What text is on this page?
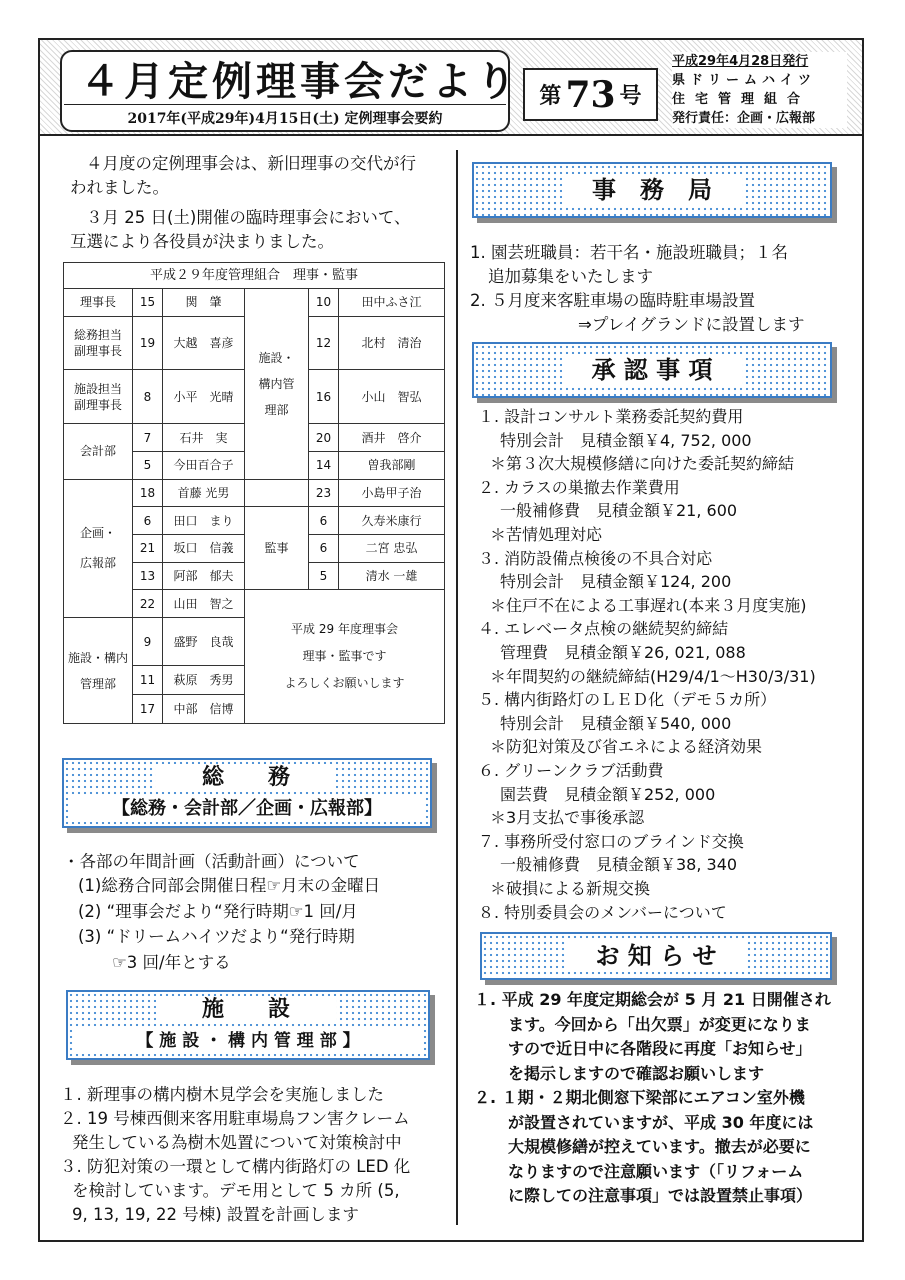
４月定例理事会だより
2017年(平成29年)4月15日(土) 定例理事会要約
第 73 号
平成29年4月28日発行
県ドリームハイツ
住宅管理組合
発行責任：企画・広報部
４月度の定例理事会は、新旧理事の交代が行
われました。
３月 25 日(土)開催の臨時理事会において、
互選により各役員が決まりました。
平成２９年度管理組合　理事・監事					
理事長	15	関　肇	施設・構内管理部	10	田中ふさ江

総務担当副理事長	19	大越　喜彦		12	北村　清治

施設担当副理事長	8	小平　光晴		16	小山　智弘
会計部	7	石井　実		20	酒井　啓介
	5	今田百合子		14	曽我部剛

企画・広報部	18	首藤 光男		23	小島甲子治
	6	田口　まり	監事	6	久寿米康行
	21	坂口　信義		6	二宮 忠弘
	13	阿部　郁夫		5	清水 一雄
	22	山田　智之	平成 29 年度理事会
理事・監事です
よろしくお願いします		

施設・構内管理部	9	盛野　良哉			
	11	萩原　秀男			
	17	中部　信博			
総　　務
【総務・会計部／企画・広報部】
・各部の年間計画（活動計画）について
(1)総務合同部会開催日程☞月末の金曜日
(2) “理事会だより“発行時期☞1 回/月
(3) “ドリームハイツだより“発行時期
☞3 回/年とする
施　　設
【 施 設 ・ 構 内 管 理 部 】
１. 新理事の構内樹木見学会を実施しました
２. 19 号棟西側来客用駐車場鳥フン害クレーム
発生している為樹木処置について対策検討中
３. 防犯対策の一環として構内街路灯の LED 化
を検討しています。デモ用として 5 カ所 (5,
9, 13, 19, 22 号棟) 設置を計画します
事　務　局
1. 園芸班職員：若干名・施設班職員；１名
追加募集をいたします
2. ５月度来客駐車場の臨時駐車場設置
⇒プレイグランドに設置します
承 認 事 項
１. 設計コンサルト業務委託契約費用
特別会計　見積金額￥4, 752, 000
＊第３次大規模修繕に向けた委託契約締結
２. カラスの巣撤去作業費用
一般補修費　見積金額￥21, 600
＊苦情処理対応
３. 消防設備点検後の不具合対応
特別会計　見積金額￥124, 200
＊住戸不在による工事遅れ(本来３月度実施)
４. エレベータ点検の継続契約締結
管理費　見積金額￥26, 021, 088
＊年間契約の継続締結(H29/4/1～H30/3/31)
５. 構内街路灯のＬＥＤ化（デモ５カ所）
特別会計　見積金額￥540, 000
＊防犯対策及び省エネによる経済効果
６. グリーンクラブ活動費
園芸費　見積金額￥252, 000
＊3月支払で事後承認
７. 事務所受付窓口のブラインド交換
一般補修費　見積金額￥38, 340
＊破損による新規交換
８. 特別委員会のメンバーについて
お 知 ら せ
１. 平成 29 年度定期総会が 5 月 21 日開催され
ます。今回から「出欠票」が変更になりま
すので近日中に各階段に再度「お知らせ」
を掲示しますので確認お願いします
２. １期・２期北側窓下梁部にエアコン室外機
が設置されていますが、平成 30 年度には
大規模修繕が控えています。撤去が必要に
なりますので注意願います（「リフォーム
に際しての注意事項」では設置禁止事項）
